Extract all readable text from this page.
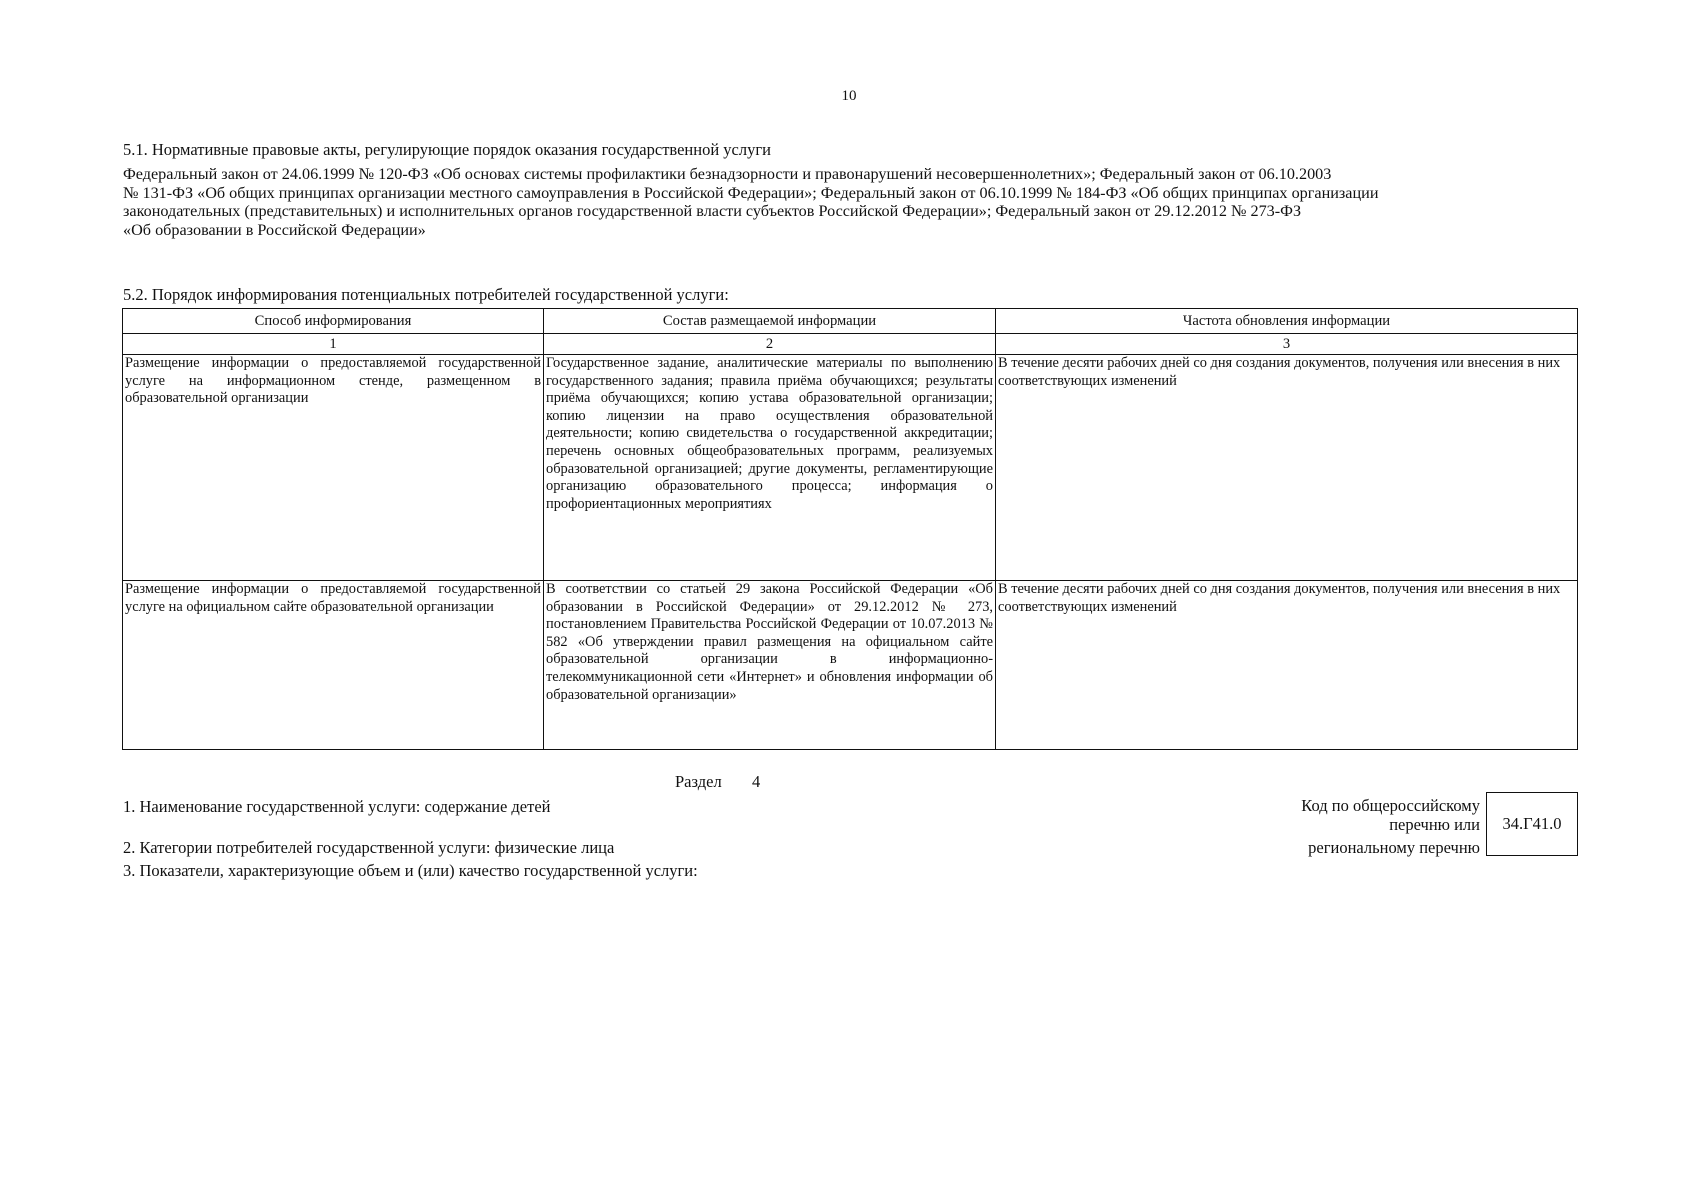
10
5.1. Нормативные правовые акты, регулирующие порядок оказания государственной услуги
Федеральный закон от 24.06.1999 № 120-ФЗ «Об основах системы профилактики безнадзорности и правонарушений несовершеннолетних»; Федеральный закон от 06.10.2003
№ 131-ФЗ «Об общих принципах организации местного самоуправления в Российской Федерации»; Федеральный закон от 06.10.1999 № 184-ФЗ «Об общих принципах организации
законодательных (представительных) и исполнительных органов государственной власти субъектов Российской Федерации»; Федеральный закон от 29.12.2012 № 273-ФЗ
«Об образовании в Российской Федерации»
5.2. Порядок информирования потенциальных потребителей государственной услуги:
Способ информирования	Состав размещаемой информации	Частота обновления информации
1	2	3
Размещение информации о предоставляемой государственной услуге на информационном стенде, размещенном в образовательной организации	Государственное задание, аналитические материалы по выполнению государственного задания; правила приёма обучающихся; результаты приёма обучающихся; копию устава образовательной организации; копию лицензии на право осуществления образовательной деятельности; копию свидетельства о государственной аккредитации; перечень основных общеобразовательных программ, реализуемых образовательной организацией; другие документы, регламентирующие организацию образовательного процесса; информация о профориентационных мероприятиях	В течение десяти рабочих дней со дня создания документов, получения или внесения в них соответствующих изменений
Размещение информации о предоставляемой государственной услуге на официальном сайте образовательной организации	В соответствии со статьей 29 закона Российской Федерации «Об образовании в Российской Федерации» от 29.12.2012 № 273, постановлением Правительства Российской Федерации от 10.07.2013 № 582 «Об утверждении правил размещения на официальном сайте образовательной организации в информационно-телекоммуникационной сети «Интернет» и обновления информации об образовательной организации»	В течение десяти рабочих дней со дня создания документов, получения или внесения в них соответствующих изменений
Раздел 4
1. Наименование государственной услуги: содержание детей
2. Категории потребителей государственной услуги: физические лица
3. Показатели, характеризующие объем и (или) качество государственной услуги:
Код по общероссийскому
перечню или
региональному перечню
34.Г41.0
